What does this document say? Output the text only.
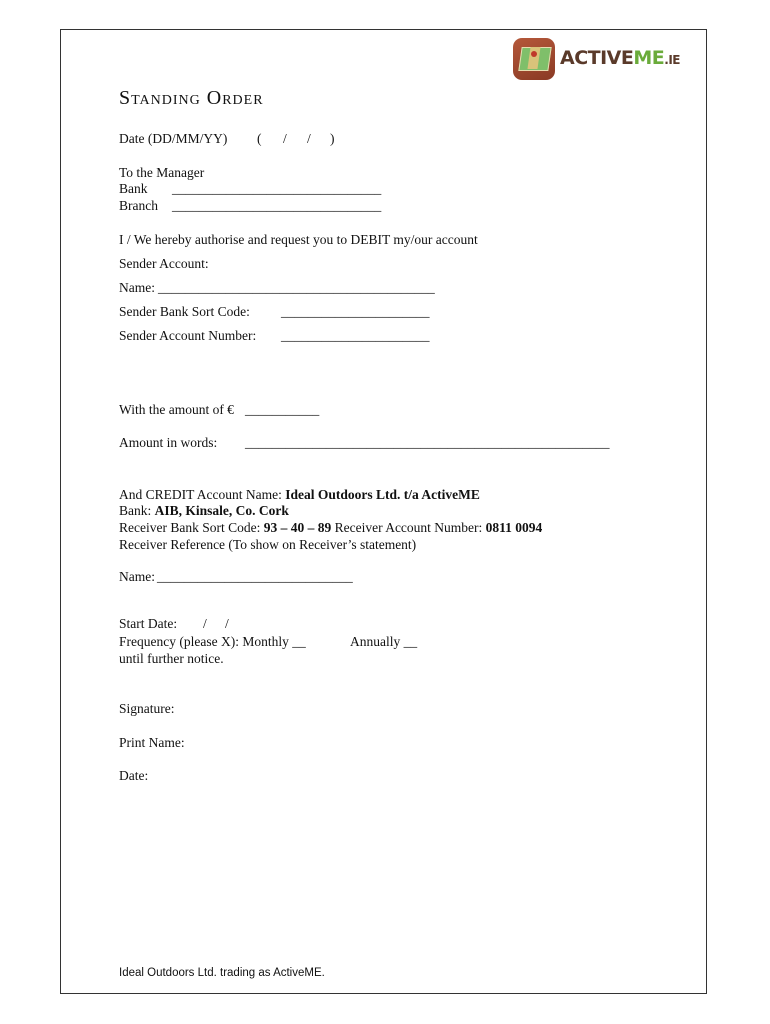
ACTIVEME.IE
Standing Order
Date (DD/MM/YY) ( / / )
To the Manager
Bank _______________________________
Branch _______________________________
I / We hereby authorise and request you to DEBIT my/our account
Sender Account:
Name: _________________________________________
Sender Bank Sort Code: ______________________
Sender Account Number: ______________________
With the amount of € ___________
Amount in words: ______________________________________________________
And CREDIT Account Name: Ideal Outdoors Ltd. t/a ActiveME
Bank: AIB, Kinsale, Co. Cork
Receiver Bank Sort Code: 93 – 40 – 89 Receiver Account Number: 0811 0094
Receiver Reference (To show on Receiver’s statement)
Name: _____________________________
Start Date: / /
Frequency (please X): Monthly __	Annually __
until further notice.
Signature:
Print Name:
Date:
Ideal Outdoors Ltd. trading as ActiveME.
